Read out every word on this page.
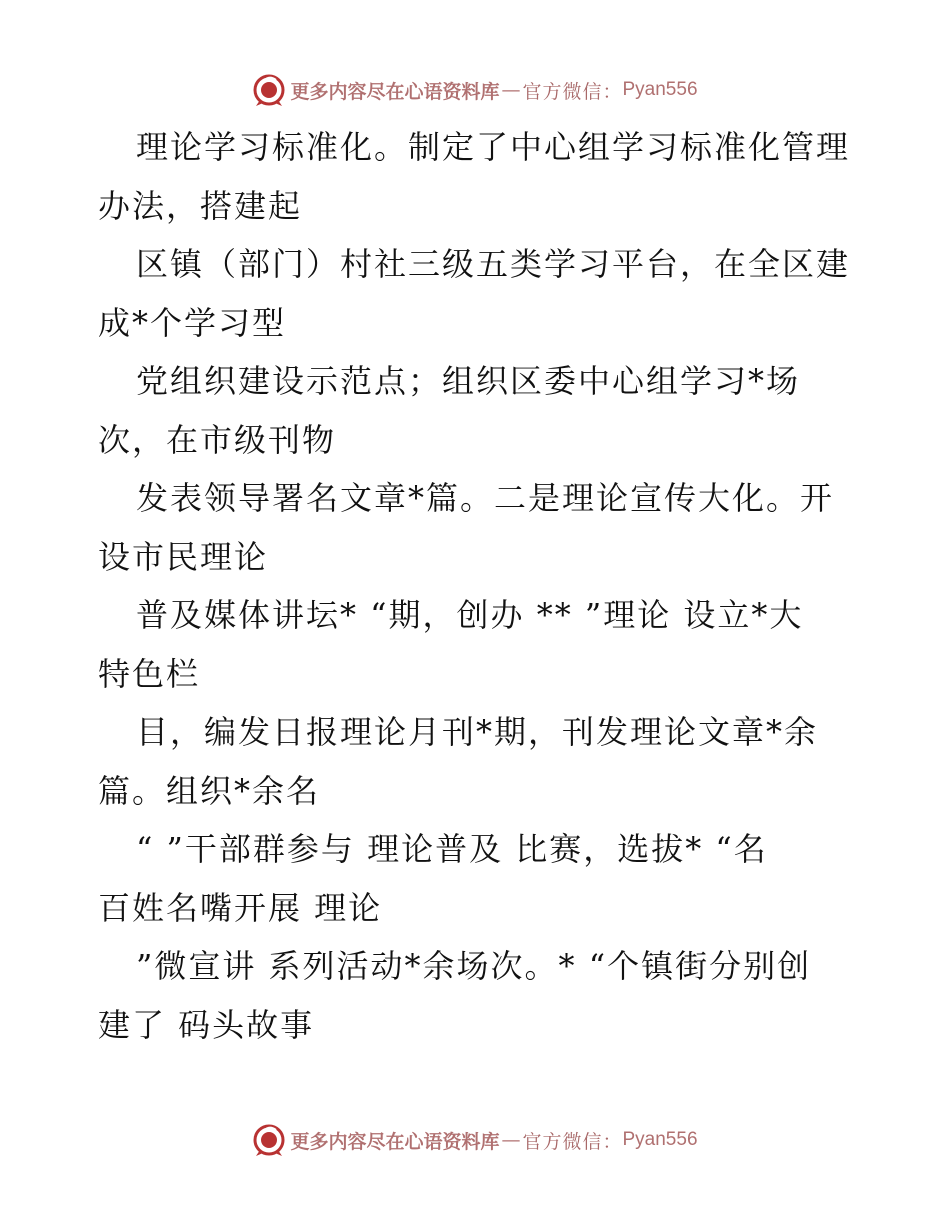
更多内容尽在心语资料库 — 官方微信： Pyan556
理论学习标准化。制定了中心组学习标准化管理
办法，搭建起
区镇（部门）村社三级五类学习平台，在全区建
成*个学习型
党组织建设示范点；组织区委中心组学习*场
次，在市级刊物
发表领导署名文章*篇。二是理论宣传大化。开
设市民理论
普及媒体讲坛* “期，创办 ** ”理论 设立*大
特色栏
目，编发日报理论月刊*期，刊发理论文章*余
篇。组织*余名
“ ”干部群参与 理论普及 比赛，选拔* “名
百姓名嘴开展 理论
”微宣讲 系列活动*余场次。* “个镇街分别创
建了 码头故事
更多内容尽在心语资料库 — 官方微信： Pyan556
